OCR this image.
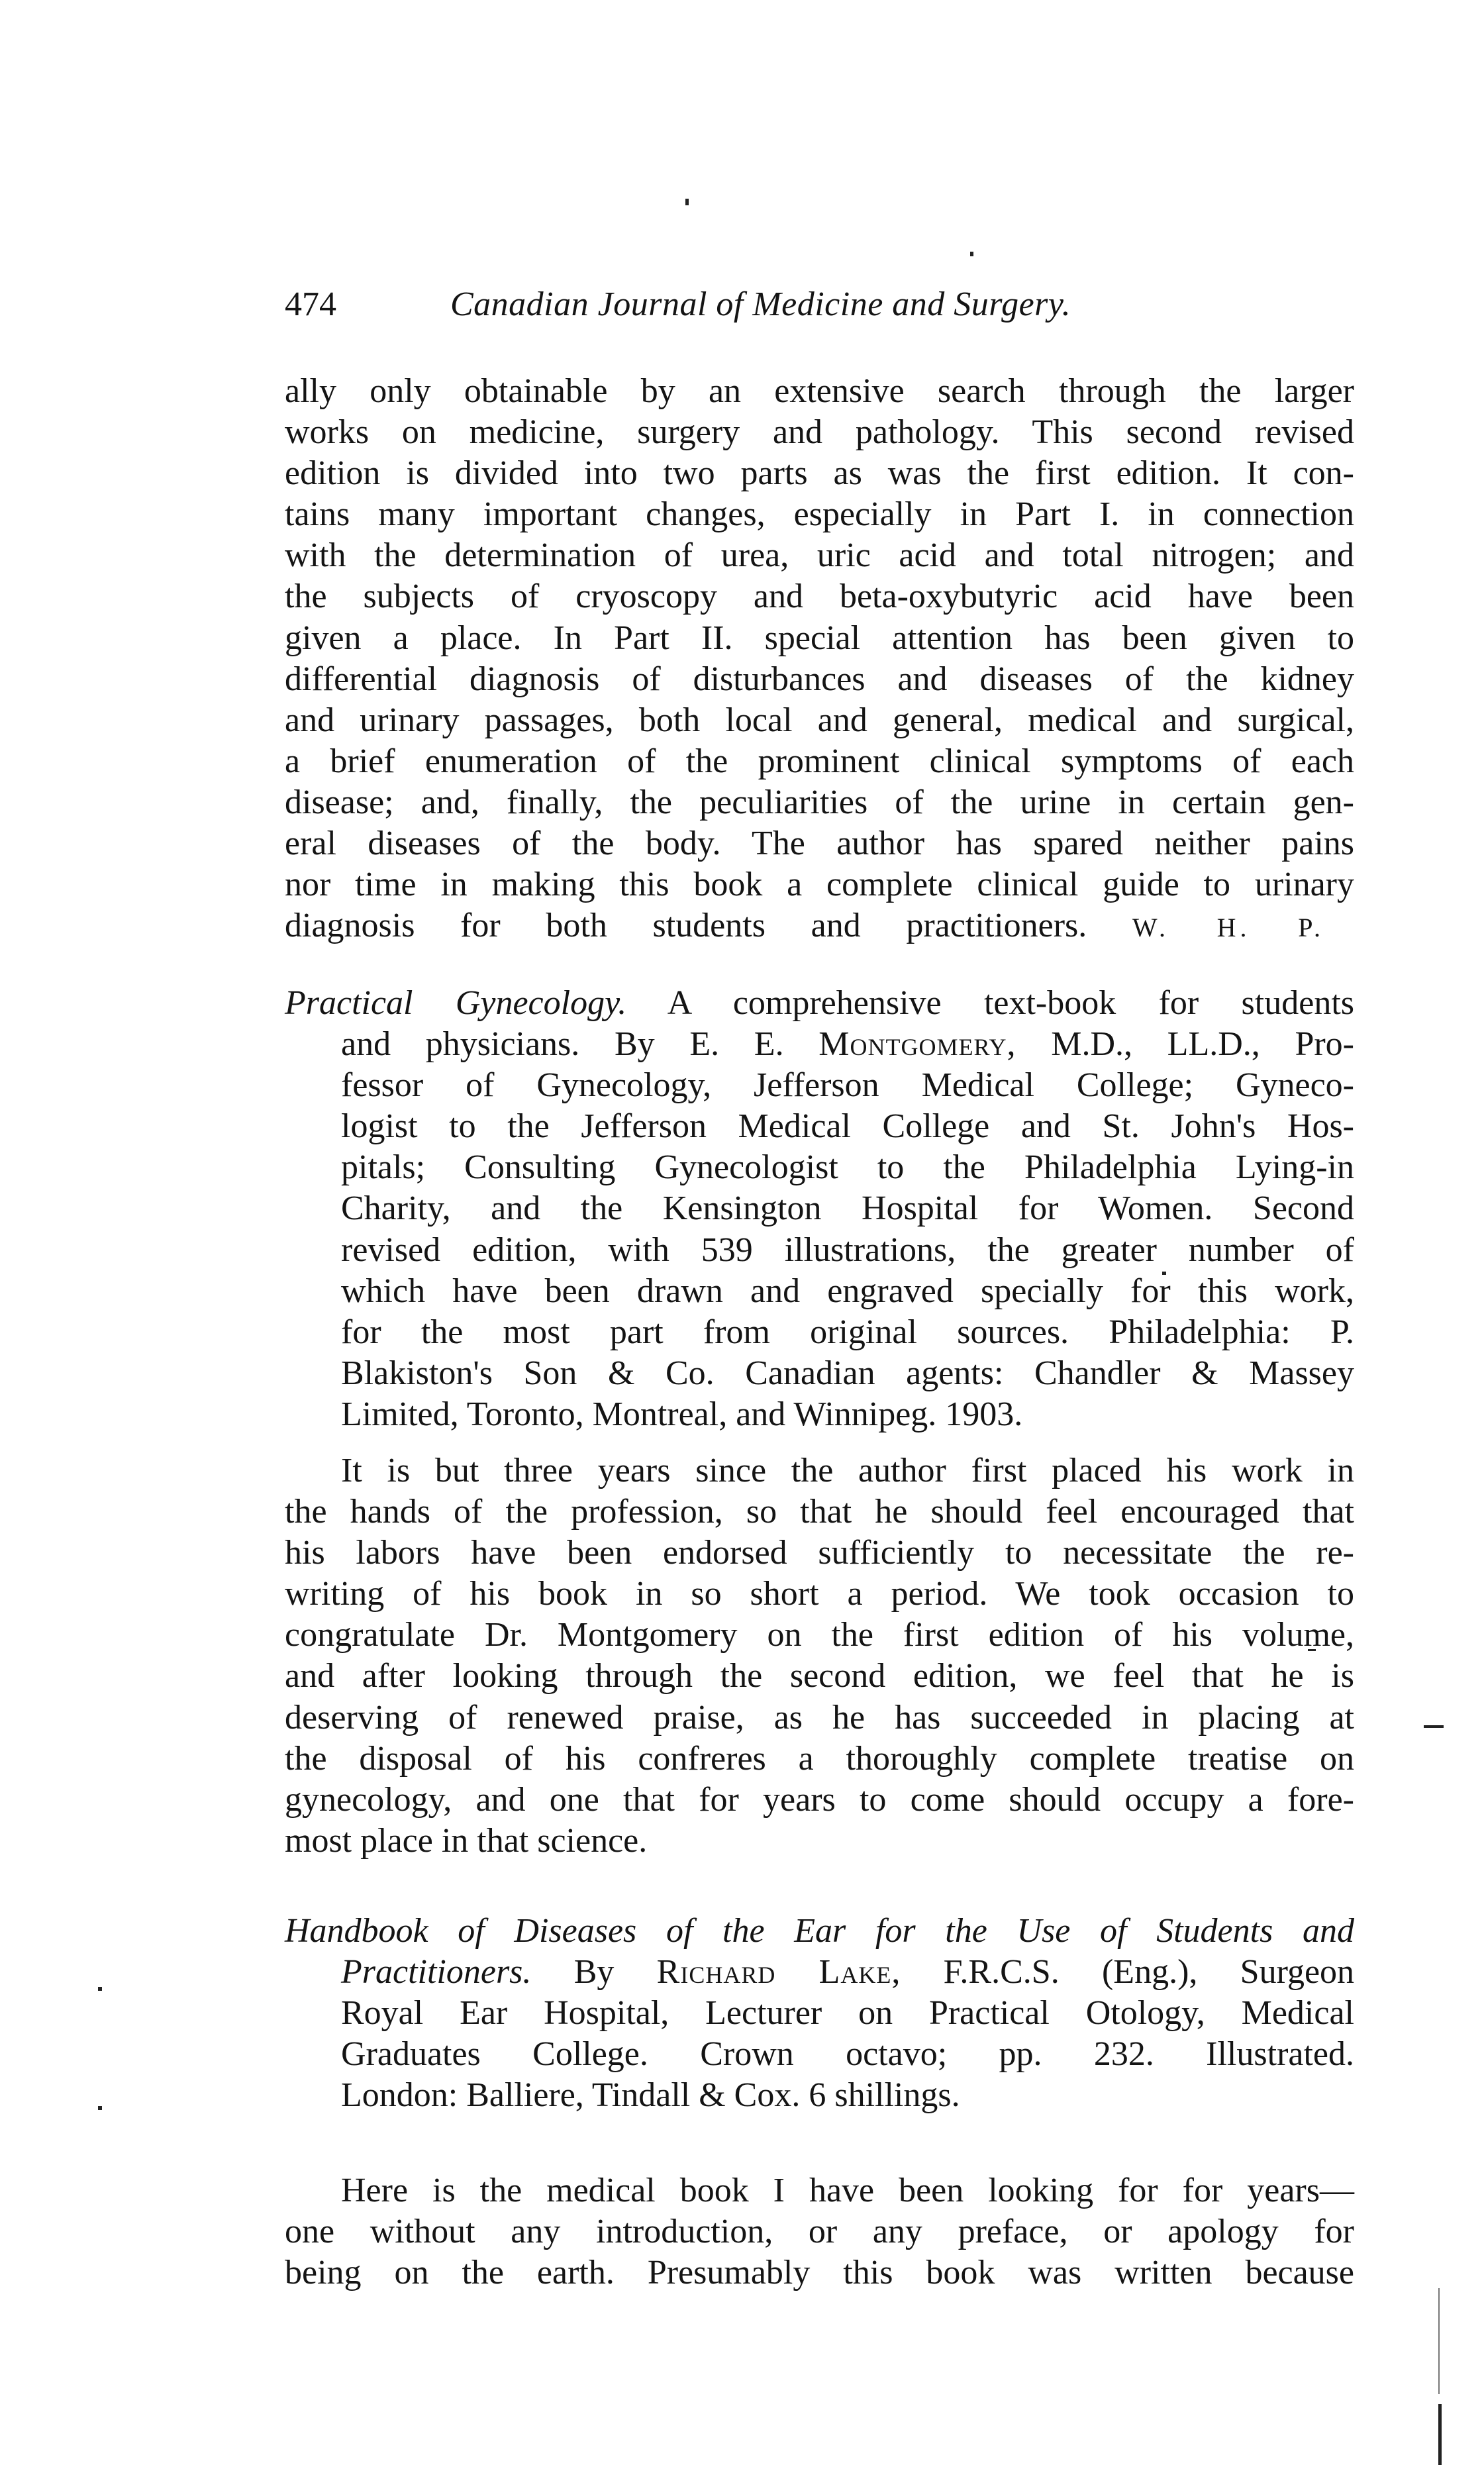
474	Canadian Journal of Medicine and Surgery.
ally only obtainable by an extensive search through the larger
works on medicine, surgery and pathology. This second revised
edition is divided into two parts as was the first edition. It con-
tains many important changes, especially in Part I. in connection
with the determination of urea, uric acid and total nitrogen; and
the subjects of cryoscopy and beta-oxybutyric acid have been
given a place. In Part II. special attention has been given to
differential diagnosis of disturbances and diseases of the kidney
and urinary passages, both local and general, medical and surgical,
a brief enumeration of the prominent clinical symptoms of each
disease; and, finally, the peculiarities of the urine in certain gen-
eral diseases of the body. The author has spared neither pains
nor time in making this book a complete clinical guide to urinary
diagnosis for both students and practitioners. W. H. P.
Practical Gynecology. A comprehensive text-book for students
and physicians. By E. E. Montgomery, M.D., LL.D., Pro-
fessor of Gynecology, Jefferson Medical College; Gyneco-
logist to the Jefferson Medical College and St. John's Hos-
pitals; Consulting Gynecologist to the Philadelphia Lying-in
Charity, and the Kensington Hospital for Women. Second
revised edition, with 539 illustrations, the greater number of
which have been drawn and engraved specially for this work,
for the most part from original sources. Philadelphia: P.
Blakiston's Son & Co. Canadian agents: Chandler & Massey
Limited, Toronto, Montreal, and Winnipeg. 1903.
It is but three years since the author first placed his work in
the hands of the profession, so that he should feel encouraged that
his labors have been endorsed sufficiently to necessitate the re-
writing of his book in so short a period. We took occasion to
congratulate Dr. Montgomery on the first edition of his volume,
and after looking through the second edition, we feel that he is
deserving of renewed praise, as he has succeeded in placing at
the disposal of his confreres a thoroughly complete treatise on
gynecology, and one that for years to come should occupy a fore-
most place in that science.
Handbook of Diseases of the Ear for the Use of Students and
Practitioners. By Richard Lake, F.R.C.S. (Eng.), Surgeon
Royal Ear Hospital, Lecturer on Practical Otology, Medical
Graduates College. Crown octavo; pp. 232. Illustrated.
London: Balliere, Tindall & Cox. 6 shillings.
Here is the medical book I have been looking for for years—
one without any introduction, or any preface, or apology for
being on the earth. Presumably this book was written because
